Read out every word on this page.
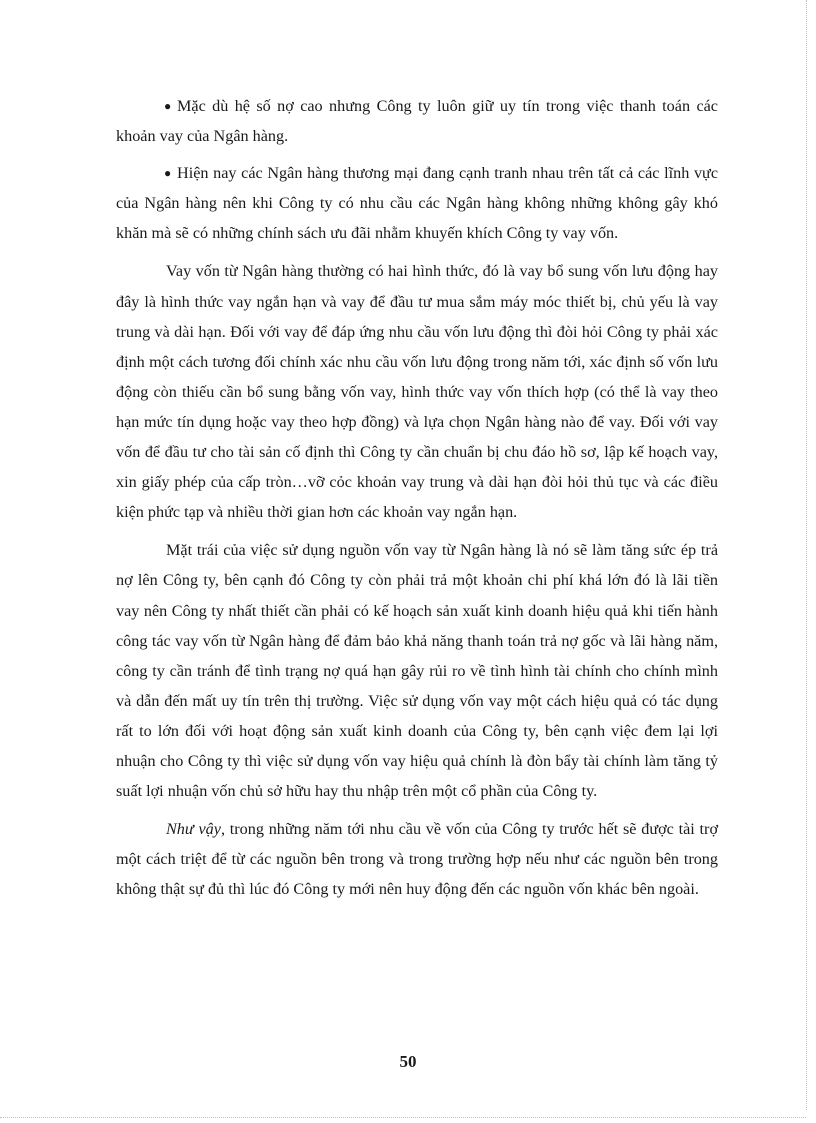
● Mặc dù hệ số nợ cao nhưng Công ty luôn giữ uy tín trong việc thanh toán các khoản vay của Ngân hàng.

● Hiện nay các Ngân hàng thương mại đang cạnh tranh nhau trên tất cả các lĩnh vực của Ngân hàng nên khi Công ty có nhu cầu các Ngân hàng không những không gây khó khăn mà sẽ có những chính sách ưu đãi nhằm khuyến khích Công ty vay vốn.

Vay vốn từ Ngân hàng thường có hai hình thức, đó là vay bổ sung vốn lưu động hay đây là hình thức vay ngắn hạn và vay để đầu tư mua sắm máy móc thiết bị, chủ yếu là vay trung và dài hạn. Đối với vay để đáp ứng nhu cầu vốn lưu động thì đòi hỏi Công ty phải xác định một cách tương đối chính xác nhu cầu vốn lưu động trong năm tới, xác định số vốn lưu động còn thiếu cần bổ sung bằng vốn vay, hình thức vay vốn thích hợp (có thể là vay theo hạn mức tín dụng hoặc vay theo hợp đồng) và lựa chọn Ngân hàng nào để vay. Đối với vay vốn để đầu tư cho tài sản cố định thì Công ty cần chuẩn bị chu đáo hồ sơ, lập kế hoạch vay, xin giấy phép của cấp tròn…vỡ cỏc khoản vay trung và dài hạn đòi hỏi thủ tục và các điều kiện phức tạp và nhiều thời gian hơn các khoản vay ngắn hạn.

Mặt trái của việc sử dụng nguồn vốn vay từ Ngân hàng là nó sẽ làm tăng sức ép trả nợ lên Công ty, bên cạnh đó Công ty còn phải trả một khoản chi phí khá lớn đó là lãi tiền vay nên Công ty nhất thiết cần phải có kế hoạch sản xuất kinh doanh hiệu quả khi tiến hành công tác vay vốn từ Ngân hàng để đảm bảo khả năng thanh toán trả nợ gốc và lãi hàng năm, công ty cần tránh để tình trạng nợ quá hạn gây rủi ro về tình hình tài chính cho chính mình và dẫn đến mất uy tín trên thị trường. Việc sử dụng vốn vay một cách hiệu quả có tác dụng rất to lớn đối với hoạt động sản xuất kinh doanh của Công ty, bên cạnh việc đem lại lợi nhuận cho Công ty thì việc sử dụng vốn vay hiệu quả chính là đòn bẩy tài chính làm tăng tỷ suất lợi nhuận vốn chủ sở hữu hay thu nhập trên một cổ phần của Công ty.

Như vậy, trong những năm tới nhu cầu về vốn của Công ty trước hết sẽ được tài trợ một cách triệt để từ các nguồn bên trong và trong trường hợp nếu như các nguồn bên trong không thật sự đủ thì lúc đó Công ty mới nên huy động đến các nguồn vốn khác bên ngoài.

50
